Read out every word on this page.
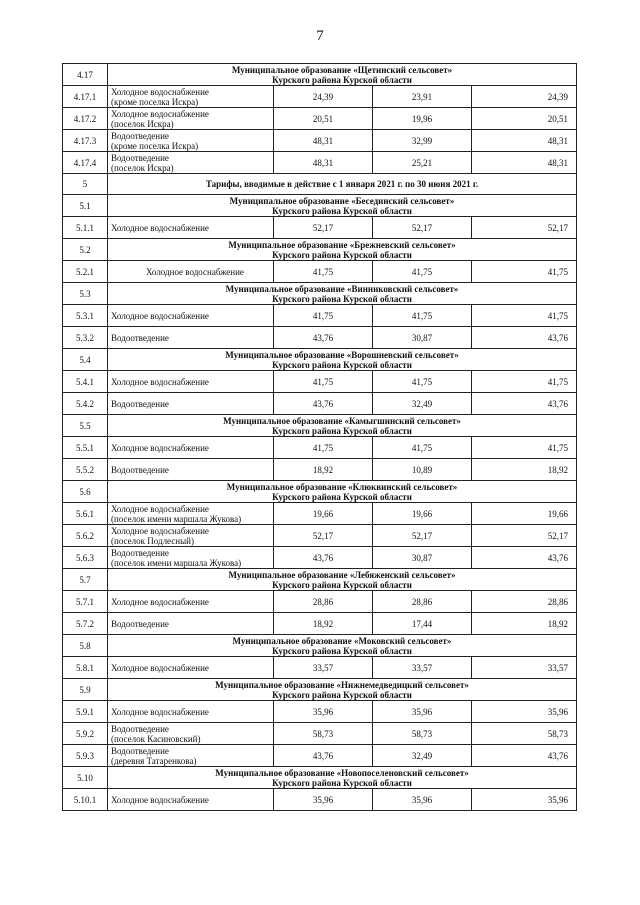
7
4.17	Муниципальное образование «Щетинский сельсовет»
Курского района Курской области			

4.17.1	Холодное водоснабжение
(кроме поселка Искра)	24,39	23,91	24,39
4.17.2	Холодное водоснабжение
(поселок Искра)	20,51	19,96	20,51
4.17.3	Водоотведение
(кроме поселка Искра)	48,31	32,99	48,31
4.17.4	Водоотведение
(поселок Искра)	48,31	25,21	48,31
5	Тарифы, вводимые в действие с 1 января 2021 г. по 30 июня 2021 г.			

5.1	Муниципальное образование «Бесединский сельсовет»
Курского района Курской области			

5.1.1	Холодное водоснабжение	52,17	52,17	52,17
5.2	Муниципальное образование «Брежневский сельсовет»
Курского района Курской области			

5.2.1	Холодное водоснабжение	41,75	41,75	41,75
5.3	Муниципальное образование «Винниковский сельсовет»
Курского района Курской области			

5.3.1	Холодное водоснабжение	41,75	41,75	41,75
5.3.2	Водоотведение	43,76	30,87	43,76
5.4	Муниципальное образование «Ворошневский сельсовет»
Курского района Курской области			

5.4.1	Холодное водоснабжение	41,75	41,75	41,75
5.4.2	Водоотведение	43,76	32,49	43,76
5.5	Муниципальное образование «Камыгшинский сельсовет»
Курского района Курской области			

5.5.1	Холодное водоснабжение	41,75	41,75	41,75
5.5.2	Водоотведение	18,92	10,89	18,92
5.6	Муниципальное образование «Клюквинский сельсовет»
Курского района Курской области			

5.6.1	Холодное водоснабжение
(поселок имени маршала Жукова)	19,66	19,66	19,66
5.6.2	Холодное водоснабжение
(поселок Подлесный)	52,17	52,17	52,17
5.6.3	Водоотведение
(поселок имени маршала Жукова)	43,76	30,87	43,76
5.7	Муниципальное образование «Лебяженский сельсовет»
Курского района Курской области			

5.7.1	Холодное водоснабжение	28,86	28,86	28,86
5.7.2	Водоотведение	18,92	17,44	18,92
5.8	Муниципальное образование «Моковский сельсовет»
Курского района Курской области			

5.8.1	Холодное водоснабжение	33,57	33,57	33,57
5.9	Муниципальное образование «Нижнемедведицкий сельсовет»
Курского района Курской области			

5.9.1	Холодное водоснабжение	35,96	35,96	35,96
5.9.2	Водоотведение
(поселок Касиновский)	58,73	58,73	58,73
5.9.3	Водоотведение
(деревня Татаренкова)	43,76	32,49	43,76
5.10	Муниципальное образование «Новопоселеновский сельсовет»
Курского района Курской области			

5.10.1	Холодное водоснабжение	35,96	35,96	35,96
